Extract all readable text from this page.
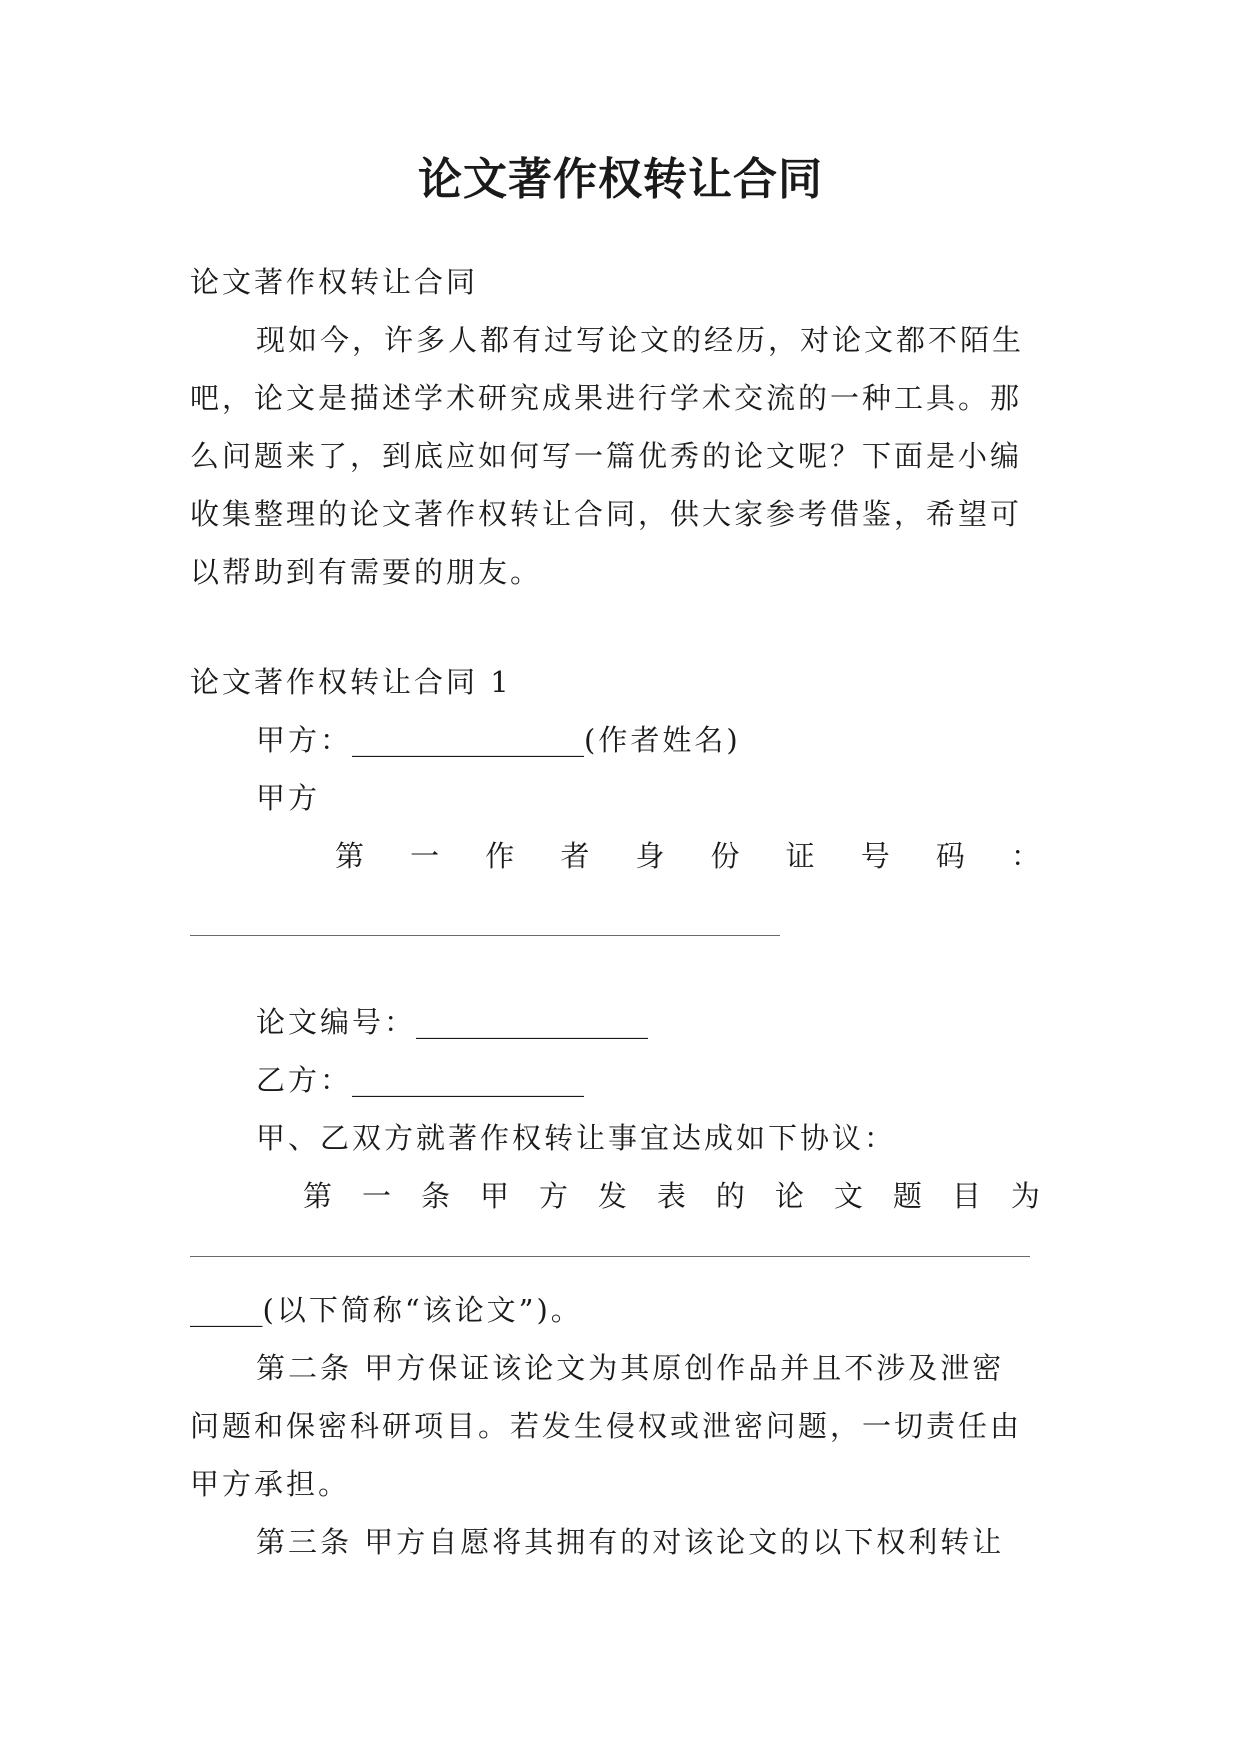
论文著作权转让合同
论文著作权转让合同
现如今，许多人都有过写论文的经历，对论文都不陌生
吧，论文是描述学术研究成果进行学术交流的一种工具。那
么问题来了，到底应如何写一篇优秀的论文呢？下面是小编
收集整理的论文著作权转让合同，供大家参考借鉴，希望可
以帮助到有需要的朋友。
论文著作权转让合同 1
甲方：________________(作者姓名)
甲方
第 一 作 者 身 份 证 号 码 ：
论文编号：________________
乙方：________________
甲、乙双方就著作权转让事宜达成如下协议：
第 一 条 甲 方 发 表 的 论 文 题 目 为
_____(以下简称“该论文”)。
第二条 甲方保证该论文为其原创作品并且不涉及泄密
问题和保密科研项目。若发生侵权或泄密问题，一切责任由
甲方承担。
第三条 甲方自愿将其拥有的对该论文的以下权利转让
